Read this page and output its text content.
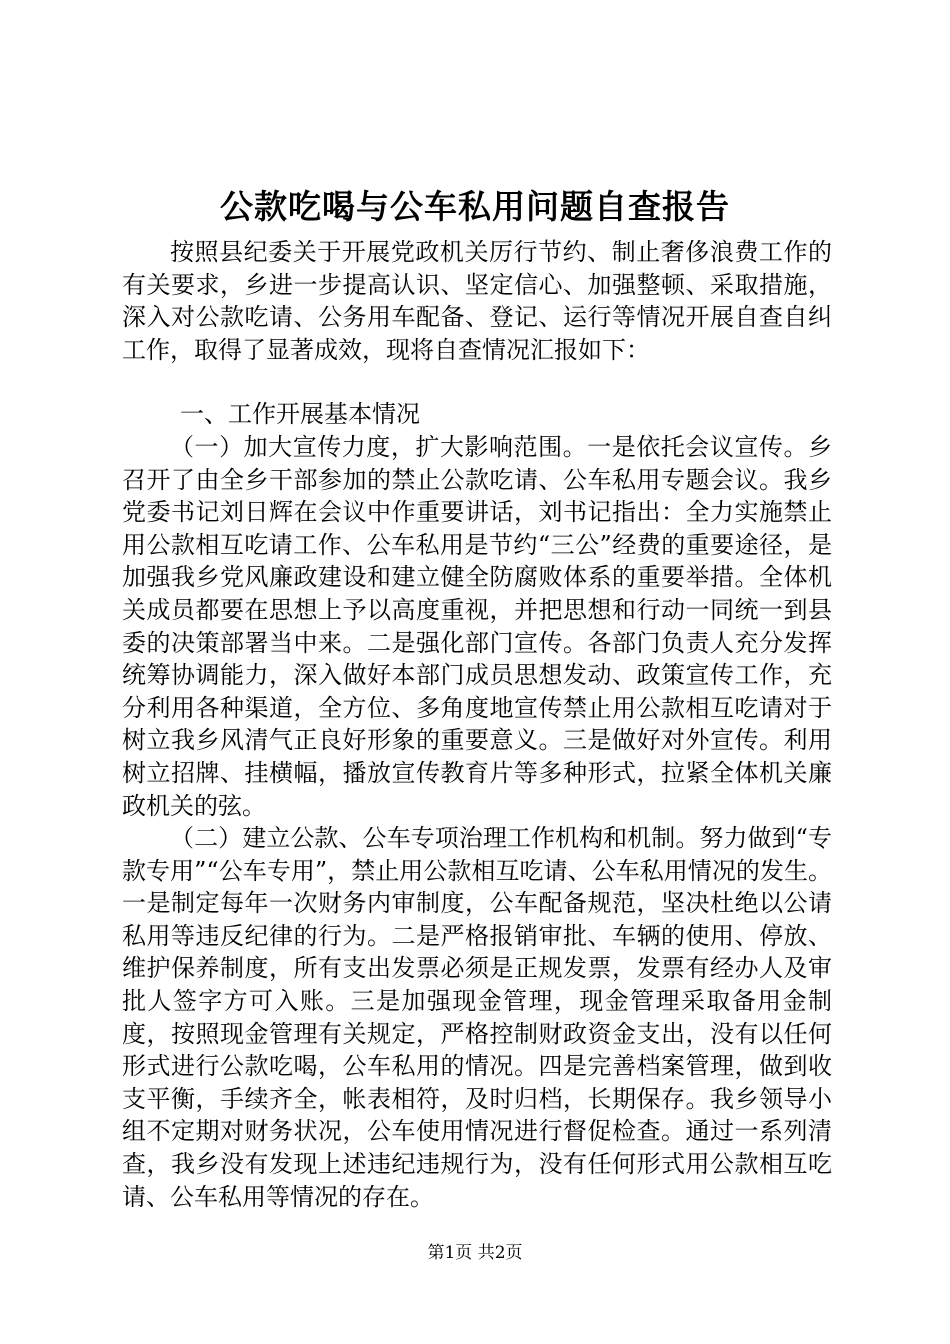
公款吃喝与公车私用问题自查报告

按照县纪委关于开展党政机关厉行节约、制止奢侈浪费工作的有关要求，乡进一步提高认识、坚定信心、加强整顿、采取措施，深入对公款吃请、公务用车配备、登记、运行等情况开展自查自纠工作，取得了显著成效，现将自查情况汇报如下：

一、工作开展基本情况

（一）加大宣传力度，扩大影响范围。一是依托会议宣传。乡召开了由全乡干部参加的禁止公款吃请、公车私用专题会议。我乡党委书记刘日辉在会议中作重要讲话，刘书记指出：全力实施禁止用公款相互吃请工作、公车私用是节约“三公”经费的重要途径，是加强我乡党风廉政建设和建立健全防腐败体系的重要举措。全体机关成员都要在思想上予以高度重视，并把思想和行动一同统一到县委的决策部署当中来。二是强化部门宣传。各部门负责人充分发挥统筹协调能力，深入做好本部门成员思想发动、政策宣传工作，充分利用各种渠道，全方位、多角度地宣传禁止用公款相互吃请对于树立我乡风清气正良好形象的重要意义。三是做好对外宣传。利用树立招牌、挂横幅，播放宣传教育片等多种形式，拉紧全体机关廉政机关的弦。

（二）建立公款、公车专项治理工作机构和机制。努力做到“专款专用”“公车专用”，禁止用公款相互吃请、公车私用情况的发生。一是制定每年一次财务内审制度，公车配备规范，坚决杜绝以公请私用等违反纪律的行为。二是严格报销审批、车辆的使用、停放、维护保养制度，所有支出发票必须是正规发票，发票有经办人及审批人签字方可入账。三是加强现金管理，现金管理采取备用金制度，按照现金管理有关规定，严格控制财政资金支出，没有以任何形式进行公款吃喝，公车私用的情况。四是完善档案管理，做到收支平衡，手续齐全，帐表相符，及时归档，长期保存。我乡领导小组不定期对财务状况，公车使用情况进行督促检查。通过一系列清查，我乡没有发现上述违纪违规行为，没有任何形式用公款相互吃请、公车私用等情况的存在。

第1页 共2页
